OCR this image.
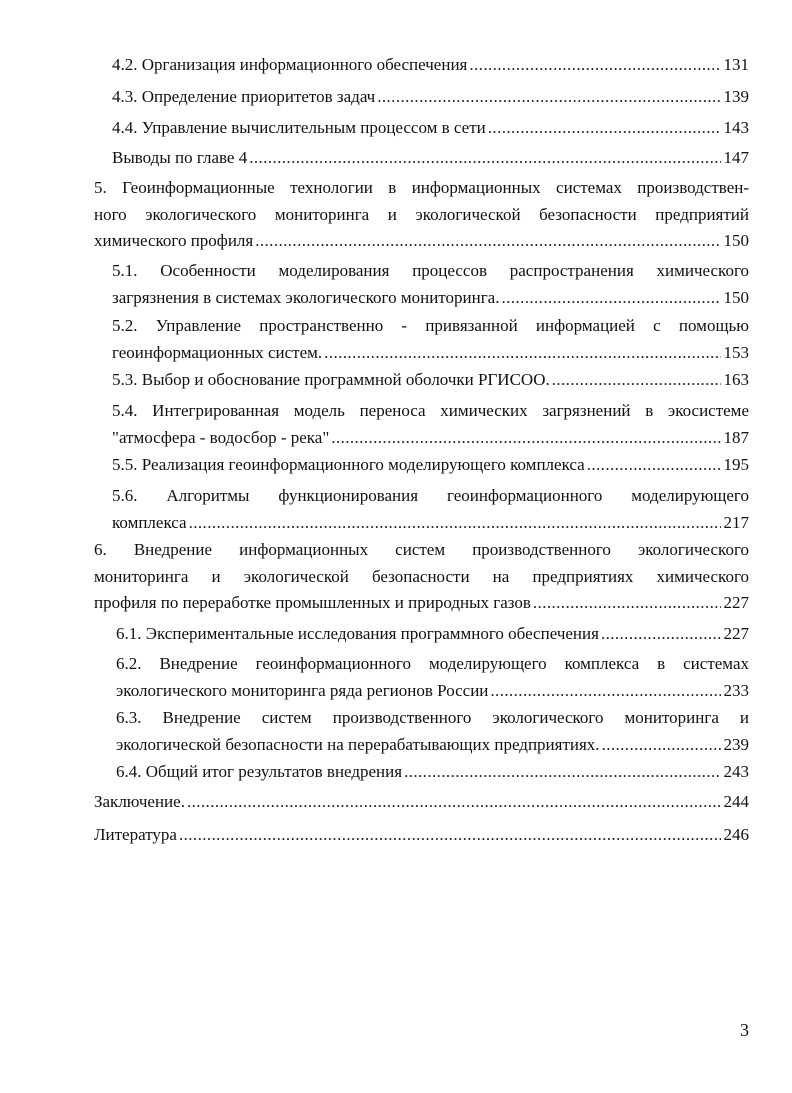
4.2. Организация информационного обеспечения .....	131
4.3. Определение приоритетов задач .....	139
4.4. Управление вычислительным процессом в сети .....	143
Выводы по главе 4 .....	147
5. Геоинформационные технологии в информационных системах производствен-
ного экологического мониторинга и экологической безопасности предприятий
химического профиля .....	150
5.1. Особенности моделирования процессов распространения химического
загрязнения в системах экологического мониторинга. .....	150
5.2. Управление пространственно - привязанной информацией с помощью
геоинформационных систем. .....	153
5.3. Выбор и обоснование программной оболочки РГИСОО. .....	163
5.4. Интегрированная модель переноса химических загрязнений в экосистеме
"атмосфера - водосбор - река" .....	187
5.5. Реализация геоинформационного моделирующего комплекса .....	195
5.6. Алгоритмы функционирования геоинформационного моделирующего
комплекса .....	217
6. Внедрение информационных систем производственного экологического
мониторинга и экологической безопасности на предприятиях химического
профиля по переработке промышленных и природных газов .....	227
6.1. Экспериментальные исследования программного обеспечения .....	227
6.2. Внедрение геоинформационного моделирующего комплекса в системах
экологического мониторинга ряда регионов России .....	233
6.3. Внедрение систем производственного экологического мониторинга и
экологической безопасности на перерабатывающих предприятиях. .....	239
6.4. Общий итог результатов внедрения .....	243
Заключение. .....	244
Литература .....	246
3
